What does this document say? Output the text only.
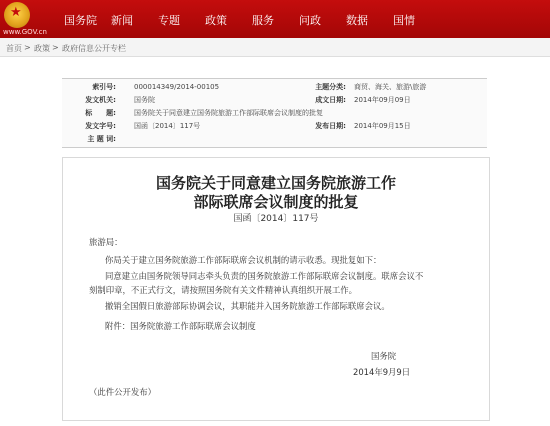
★
www.GOV.cn
国务院	新闻	专题	政策	服务	问政	数据	国情
首页 > 政策 > 政府信息公开专栏
索引号:	000014349/2014-00105	主题分类: 商贸、海关、旅游\旅游
发文机关:	国务院	成文日期: 2014年09月09日
标　　题:	国务院关于同意建立国务院旅游工作部际联席会议制度的批复
发文字号:	国函〔2014〕117号	发布日期: 2014年09月15日
主 题 词:
国务院关于同意建立国务院旅游工作
部际联席会议制度的批复
国函〔2014〕117号
旅游局：
你局关于建立国务院旅游工作部际联席会议机制的请示收悉。现批复如下：
同意建立由国务院领导同志牵头负责的国务院旅游工作部际联席会议制度。联席会议不
刻制印章，不正式行文，请按照国务院有关文件精神认真组织开展工作。
撤销全国假日旅游部际协调会议，其职能并入国务院旅游工作部际联席会议。
附件：国务院旅游工作部际联席会议制度
国务院
2014年9月9日
（此件公开发布）
